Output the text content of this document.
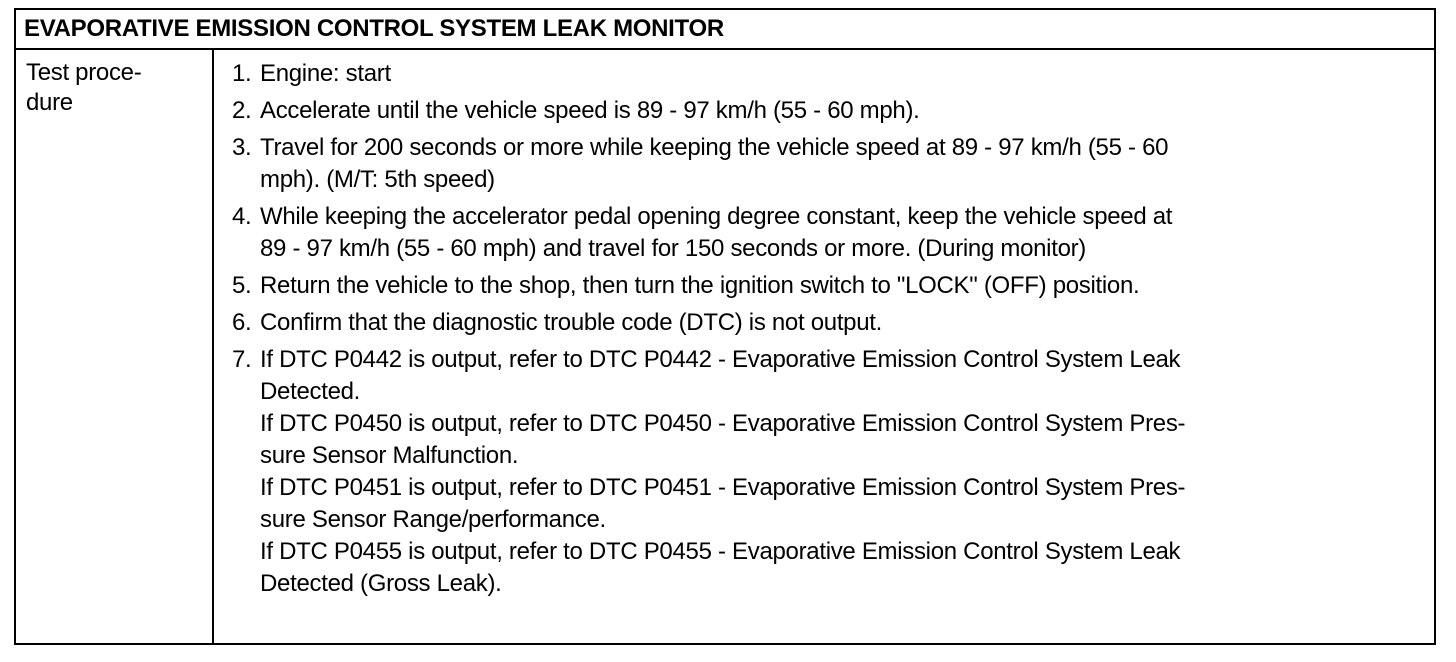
EVAPORATIVE EMISSION CONTROL SYSTEM LEAK MONITOR
Test proce-
dure
1. Engine: start
2. Accelerate until the vehicle speed is 89 - 97 km/h (55 - 60 mph).
3. Travel for 200 seconds or more while keeping the vehicle speed at 89 - 97 km/h (55 - 60
mph). (M/T: 5th speed)
4. While keeping the accelerator pedal opening degree constant, keep the vehicle speed at
89 - 97 km/h (55 - 60 mph) and travel for 150 seconds or more. (During monitor)
5. Return the vehicle to the shop, then turn the ignition switch to "LOCK" (OFF) position.
6. Confirm that the diagnostic trouble code (DTC) is not output.
7. If DTC P0442 is output, refer to DTC P0442 - Evaporative Emission Control System Leak
Detected.
If DTC P0450 is output, refer to DTC P0450 - Evaporative Emission Control System Pres-
sure Sensor Malfunction.
If DTC P0451 is output, refer to DTC P0451 - Evaporative Emission Control System Pres-
sure Sensor Range/performance.
If DTC P0455 is output, refer to DTC P0455 - Evaporative Emission Control System Leak
Detected (Gross Leak).
